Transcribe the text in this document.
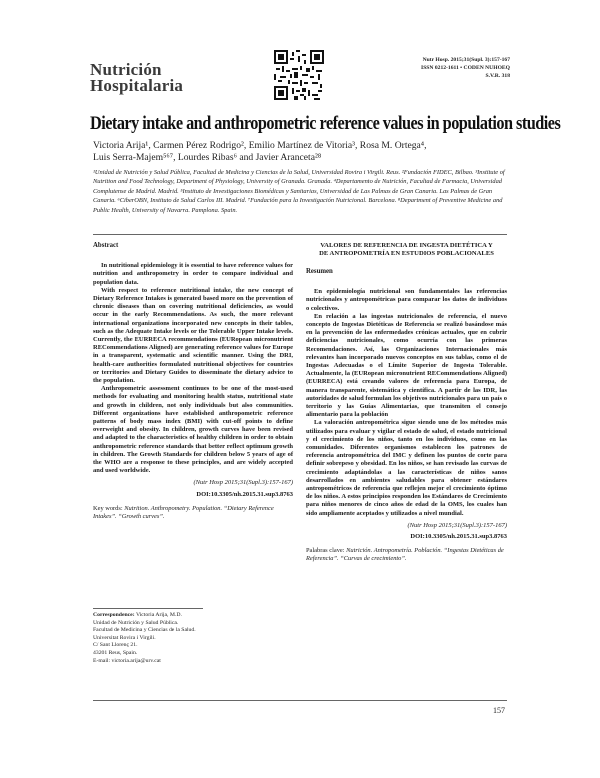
Nutrición
Hospitalaria
Nutr Hosp. 2015;31(Supl. 3):157-167
ISSN 0212-1611 • CODEN NUHOEQ
S.V.R. 318
Dietary intake and anthropometric reference values in population studies
Victoria Arija¹, Carmen Pérez Rodrigo², Emilio Martínez de Vitoria³, Rosa M. Ortega⁴,
Luis Serra-Majem⁵⁶⁷, Lourdes Ribas⁶ and Javier Aranceta²⁸
¹Unidad de Nutrición y Salud Pública, Facultad de Medicina y Ciencias de la Salud, Universidad Rovira i Virgili. Reus. ²Fundación FIDEC, Bilbao. ³Institute of Nutrition and Food Technology, Department of Physiology, University of Granada. Granada. ⁴Departamento de Nutrición, Facultad de Farmacia, Universidad Complutense de Madrid. Madrid. ⁵Instituto de Investigaciones Biomédicas y Sanitarias, Universidad de Las Palmas de Gran Canaria. Las Palmas de Gran Canaria. ⁶CiberOBN, Instituto de Salud Carlos III. Madrid. ⁷Fundación para la Investigación Nutricional. Barcelona. ⁸Department of Preventive Medicine and Public Health, University of Navarra. Pamplona. Spain.
Abstract

In nutritional epidemiology it is essential to have reference values for nutrition and anthropometry in order to compare individual and population data.

With respect to reference nutritional intake, the new concept of Dietary Reference Intakes is generated based more on the prevention of chronic diseases than on covering nutritional deficiencies, as would occur in the early Recommendations. As such, the more relevant international organizations incorporated new concepts in their tables, such as the Adequate Intake levels or the Tolerable Upper Intake levels. Currently, the EURRECA recommendations (EURopean micronutrient RECommendations Aligned) are generating reference values for Europe in a transparent, systematic and scientific manner. Using the DRI, health-care authorities formulated nutritional objectives for countries or territories and Dietary Guides to disseminate the dietary advice to the population.

Anthropometric assessment continues to be one of the most-used methods for evaluating and monitoring health status, nutritional state and growth in children, not only individuals but also communities. Different organizations have established anthropometric reference patterns of body mass index (BMI) with cut-off points to define overweight and obesity. In children, growth curves have been revised and adapted to the characteristics of healthy children in order to obtain anthropometric reference standards that better reflect optimum growth in children. The Growth Standards for children below 5 years of age of the WHO are a response to these principles, and are widely accepted and used worldwide.

(Nutr Hosp 2015;31(Supl.3):157-167)
DOI:10.3305/nh.2015.31.sup3.8763
Key words: Nutrition. Anthropometry. Population. “Dietary Reference Intakes”. “Growth curves”.
VALORES DE REFERENCIA DE INGESTA DIETÉTICA Y DE ANTROPOMETRÍA EN ESTUDIOS POBLACIONALES
Resumen

En epidemiología nutricional son fundamentales las referencias nutricionales y antropométricas para comparar los datos de individuos o colectivos.

En relación a las ingestas nutricionales de referencia, el nuevo concepto de Ingestas Dietéticas de Referencia se realizó basándose más en la prevención de las enfermedades crónicas actuales, que en cubrir deficiencias nutricionales, como ocurría con las primeras Recomendaciones. Así, las Organizaciones Internacionales más relevantes han incorporado nuevos conceptos en sus tablas, como el de Ingestas Adecuadas o el Límite Superior de Ingesta Tolerable. Actualmente, la (EURopean micronutrient RECommendations Aligned) (EURRECA) está creando valores de referencia para Europa, de manera transparente, sistemática y científica. A partir de las IDR, las autoridades de salud formulan los objetivos nutricionales para un país o territorio y las Guías Alimentarias, que transmiten el consejo alimentario para la población

La valoración antropométrica sigue siendo uno de los métodos más utilizados para evaluar y vigilar el estado de salud, el estado nutricional y el crecimiento de los niños, tanto en los individuos, como en las comunidades. Diferentes organismos establecen los patrones de referencia antropométrica del IMC y definen los puntos de corte para definir sobrepeso y obesidad. En los niños, se han revisado las curvas de crecimiento adaptándolas a las características de niños sanos desarrollados en ambientes saludables para obtener estándares antropométricos de referencia que reflejen mejor el crecimiento óptimo de los niños. A estos principios responden los Estándares de Crecimiento para niños menores de cinco años de edad de la OMS, los cuales han sido ampliamente aceptados y utilizados a nivel mundial.

(Nutr Hosp 2015;31(Supl.3):157-167)
DOI:10.3305/nh.2015.31.sup3.8763
Palabras clave: Nutrición. Antropometría. Población. “Ingestas Dietéticas de Referencia”. “Curvas de crecimiento”.
Correspondence: Victoria Arija, M.D.
Unidad de Nutrición y Salud Pública.
Facultad de Medicina y Ciencias de la Salud.
Universitat Rovira i Virgili.
C/ Sant Llorenç 21.
43201 Reus, Spain.
E-mail: victoria.arija@urv.cat
157
